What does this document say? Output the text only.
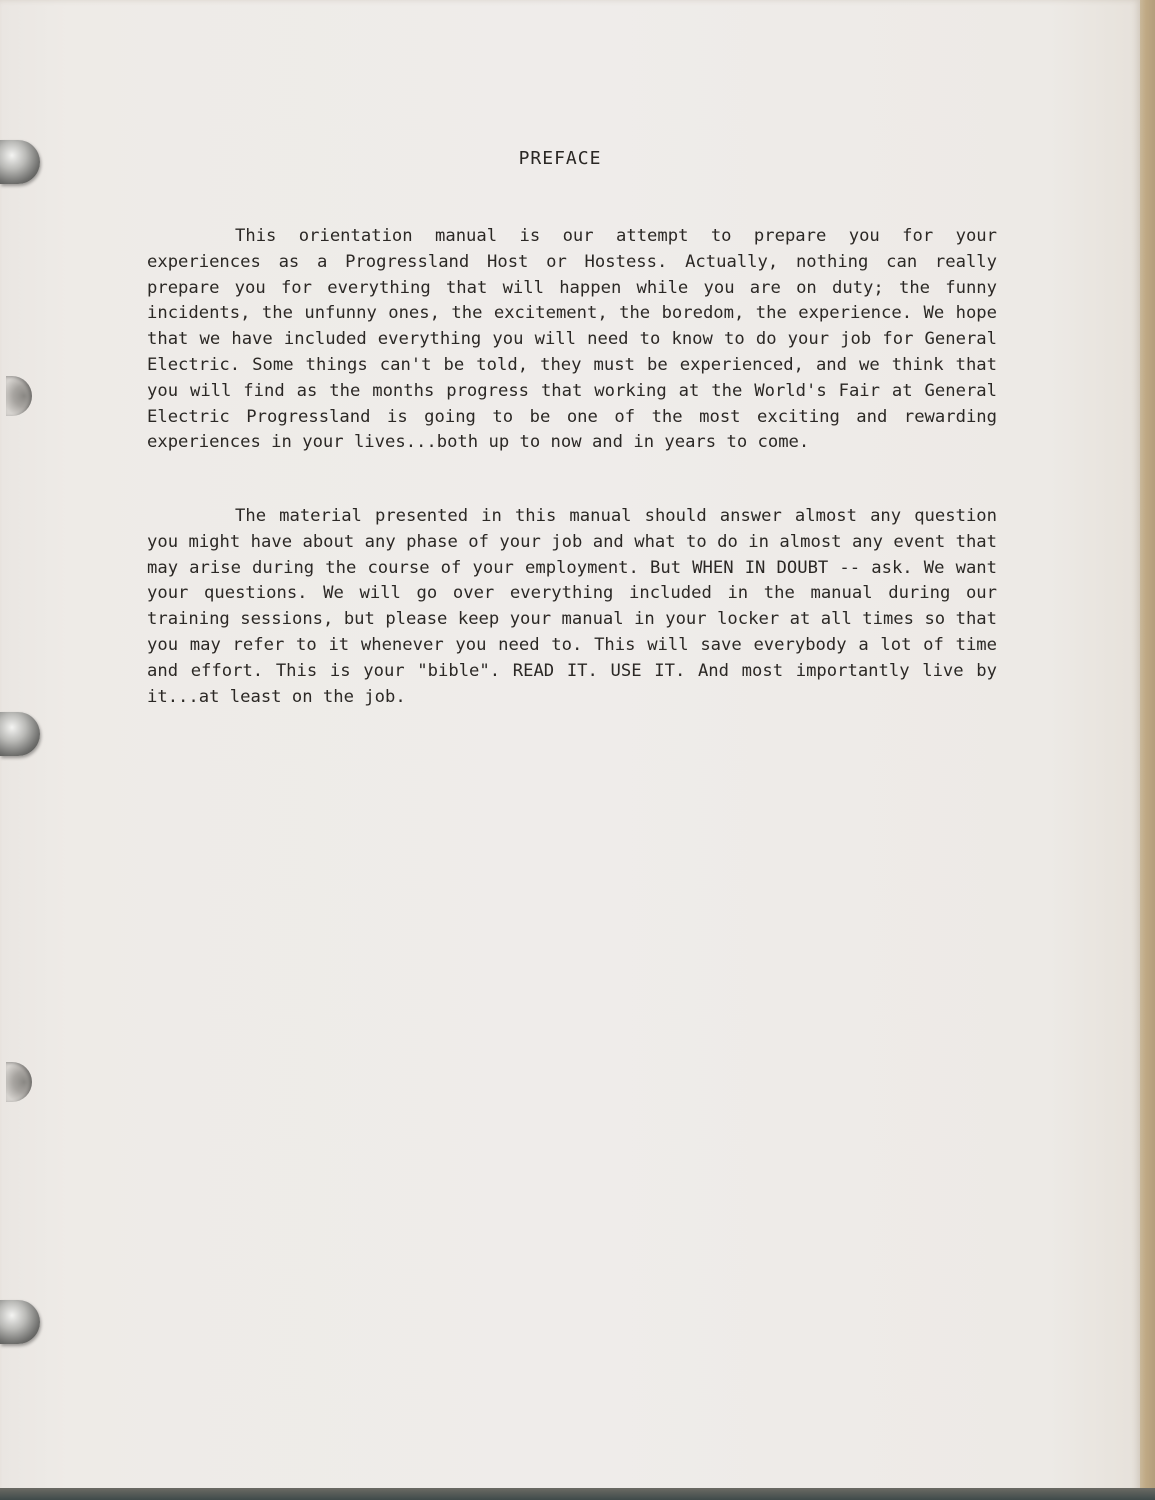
PREFACE

This orientation manual is our attempt to prepare you for your experiences as a Progressland Host or Hostess. Actually, nothing can really prepare you for everything that will happen while you are on duty; the funny incidents, the unfunny ones, the excitement, the boredom, the experience. We hope that we have included everything you will need to know to do your job for General Electric. Some things can't be told, they must be experienced, and we think that you will find as the months progress that working at the World's Fair at General Electric Progressland is going to be one of the most exciting and rewarding experiences in your lives...both up to now and in years to come.

The material presented in this manual should answer almost any question you might have about any phase of your job and what to do in almost any event that may arise during the course of your employment. But WHEN IN DOUBT -- ask. We want your questions. We will go over everything included in the manual during our training sessions, but please keep your manual in your locker at all times so that you may refer to it whenever you need to. This will save everybody a lot of time and effort. This is your "bible". READ IT. USE IT. And most importantly live by it...at least on the job.
